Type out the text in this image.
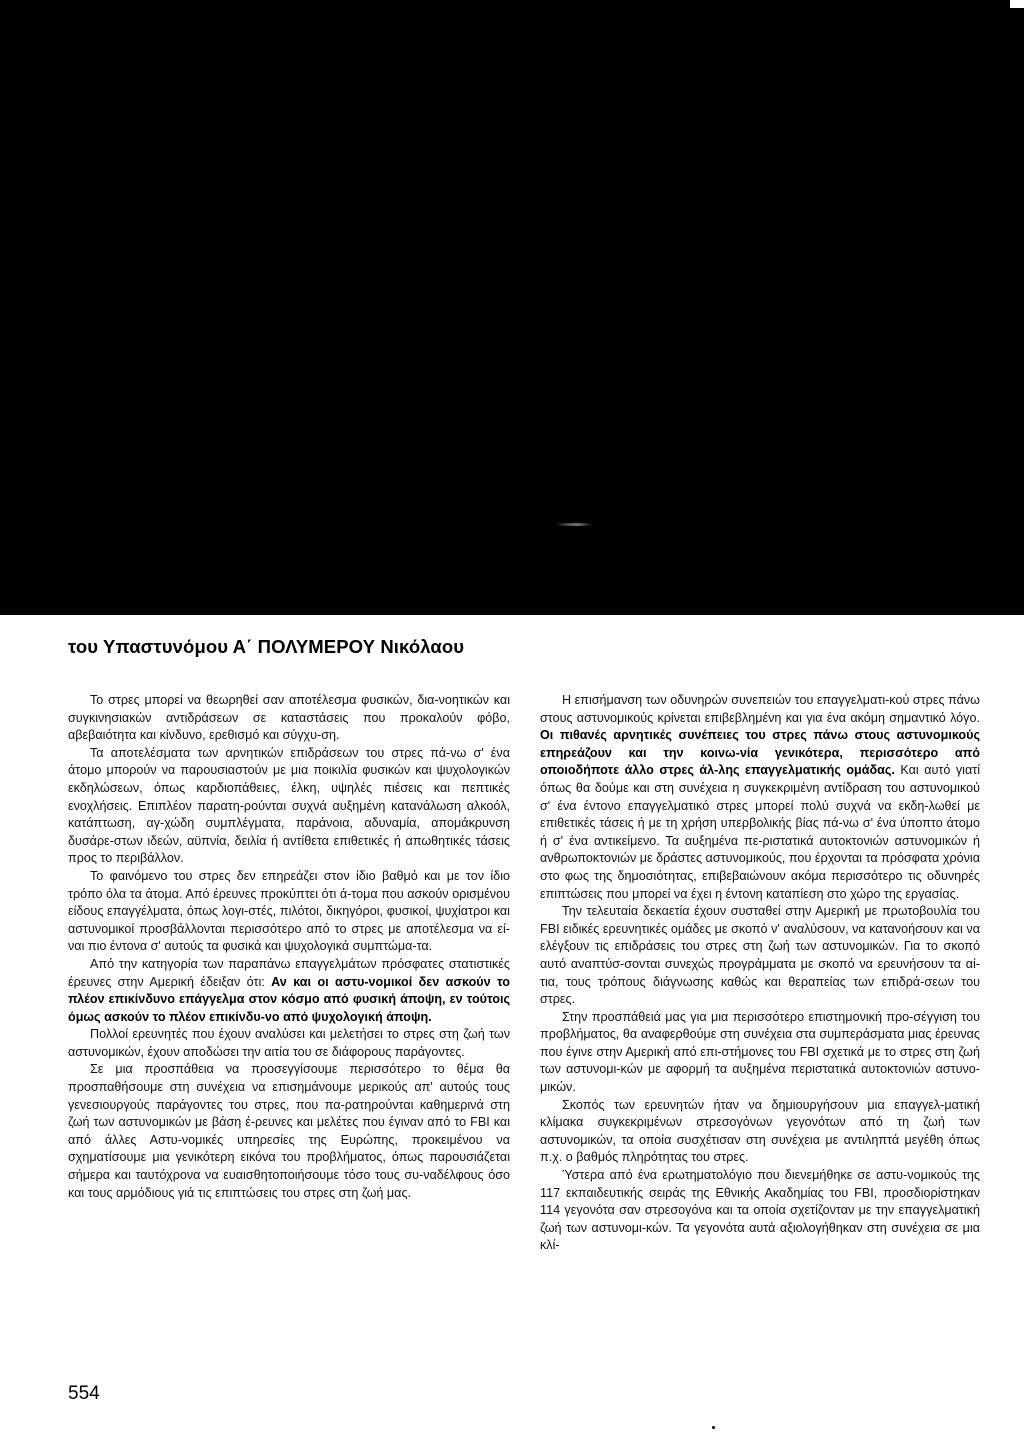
του Υπαστυνόμου Α΄ ΠΟΛΥΜΕΡΟΥ Νικόλαου

Το στρες μπορεί να θεωρηθεί σαν αποτέλεσμα φυσικών, δια-νοητικών και συγκινησιακών αντιδράσεων σε καταστάσεις που προκαλούν φόβο, αβεβαιότητα και κίνδυνο, ερεθισμό και σύγχυ-ση.

Τα αποτελέσματα των αρνητικών επιδράσεων του στρες πά-νω σ' ένα άτομο μπορούν να παρουσιαστούν με μια ποικιλία φυσικών και ψυχολογικών εκδηλώσεων, όπως καρδιοπάθειες, έλκη, υψηλές πιέσεις και πεπτικές ενοχλήσεις. Επιπλέον παρατη-ρούνται συχνά αυξημένη κατανάλωση αλκοόλ, κατάπτωση, αγ-χώδη συμπλέγματα, παράνοια, αδυναμία, απομάκρυνση δυσάρε-στων ιδεών, αϋπνία, δειλία ή αντίθετα επιθετικές ή απωθητικές τάσεις προς το περιβάλλον.

Το φαινόμενο του στρες δεν επηρεάζει στον ίδιο βαθμό και με τον ίδιο τρόπο όλα τα άτομα. Από έρευνες προκύπτει ότι ά-τομα που ασκούν ορισμένου είδους επαγγέλματα, όπως λογι-στές, πιλότοι, δικηγόροι, φυσικοί, ψυχίατροι και αστυνομικοί προσβάλλονται περισσότερο από το στρες με αποτέλεσμα να εί-ναι πιο έντονα σ' αυτούς τα φυσικά και ψυχολογικά συμπτώμα-τα.

Από την κατηγορία των παραπάνω επαγγελμάτων πρόσφατες στατιστικές έρευνες στην Αμερική έδειξαν ότι: Αν και οι αστυ-νομικοί δεν ασκούν το πλέον επικίνδυνο επάγγελμα στον κόσμο από φυσική άποψη, εν τούτοις όμως ασκούν το πλέον επικίνδυ-νο από ψυχολογική άποψη.

Πολλοί ερευνητές που έχουν αναλύσει και μελετήσει το στρες στη ζωή των αστυνομικών, έχουν αποδώσει την αιτία του σε διάφορους παράγοντες.

Σε μια προσπάθεια να προσεγγίσουμε περισσότερο το θέμα θα προσπαθήσουμε στη συνέχεια να επισημάνουμε μερικούς απ' αυτούς τους γενεσιουργούς παράγοντες του στρες, που πα-ρατηρούνται καθημερινά στη ζωή των αστυνομικών με βάση έ-ρευνες και μελέτες που έγιναν από το FBI και από άλλες Αστυ-νομικές υπηρεσίες της Ευρώπης, προκειμένου να σχηματίσουμε μια γενικότερη εικόνα του προβλήματος, όπως παρουσιάζεται σήμερα και ταυτόχρονα να ευαισθητοποιήσουμε τόσο τους συ-ναδέλφους όσο και τους αρμόδιους γιά τις επιπτώσεις του στρες στη ζωή μας.

Η επισήμανση των οδυνηρών συνεπειών του επαγγελματι-κού στρες πάνω στους αστυνομικούς κρίνεται επιβεβλημένη και για ένα ακόμη σημαντικό λόγο. Οι πιθανές αρνητικές συνέπειες του στρες πάνω στους αστυνομικούς επηρεάζουν και την κοινω-νία γενικότερα, περισσότερο από οποιοδήποτε άλλο στρες άλ-λης επαγγελματικής ομάδας. Και αυτό γιατί όπως θα δούμε και στη συνέχεια η συγκεκριμένη αντίδραση του αστυνομικού σ' ένα έντονο επαγγελματικό στρες μπορεί πολύ συχνά να εκδη-λωθεί με επιθετικές τάσεις ή με τη χρήση υπερβολικής βίας πά-νω σ' ένα ύποπτο άτομο ή σ' ένα αντικείμενο. Τα αυξημένα πε-ριστατικά αυτοκτονιών αστυνομικών ή ανθρωποκτονιών με δράστες αστυνομικούς, που έρχονται τα πρόσφατα χρόνια στο φως της δημοσιότητας, επιβεβαιώνουν ακόμα περισσότερο τις οδυνηρές επιπτώσεις που μπορεί να έχει η έντονη καταπίεση στο χώρο της εργασίας.

Την τελευταία δεκαετία έχουν συσταθεί στην Αμερική με πρωτοβουλία του FBI ειδικές ερευνητικές ομάδες με σκοπό ν' αναλύσουν, να κατανοήσουν και να ελέγξουν τις επιδράσεις του στρες στη ζωή των αστυνομικών. Για το σκοπό αυτό αναπτύσ-σονται συνεχώς προγράμματα με σκοπό να ερευνήσουν τα αί-τια, τους τρόπους διάγνωσης καθώς και θεραπείας των επιδρά-σεων του στρες.

Στην προσπάθειά μας για μια περισσότερο επιστημονική προ-σέγγιση του προβλήματος, θα αναφερθούμε στη συνέχεια στα συμπεράσματα μιας έρευνας που έγινε στην Αμερική από επι-στήμονες του FBI σχετικά με το στρες στη ζωή των αστυνομι-κών με αφορμή τα αυξημένα περιστατικά αυτοκτονιών αστυνο-μικών.

Σκοπός των ερευνητών ήταν να δημιουργήσουν μια επαγγελ-ματική κλίμακα συγκεκριμένων στρεσογόνων γεγονότων από τη ζωή των αστυνομικών, τα οποία συσχέτισαν στη συνέχεια με αντιληπτά μεγέθη όπως π.χ. ο βαθμός πληρότητας του στρες.

Ύστερα από ένα ερωτηματολόγιο που διενεμήθηκε σε αστυ-νομικούς της 117 εκπαιδευτικής σειράς της Εθνικής Ακαδημίας του FBI, προσδιορίστηκαν 114 γεγονότα σαν στρεσογόνα και τα οποία σχετίζονταν με την επαγγελματική ζωή των αστυνομι-κών. Τα γεγονότα αυτά αξιολογήθηκαν στη συνέχεια σε μια κλί-

554
